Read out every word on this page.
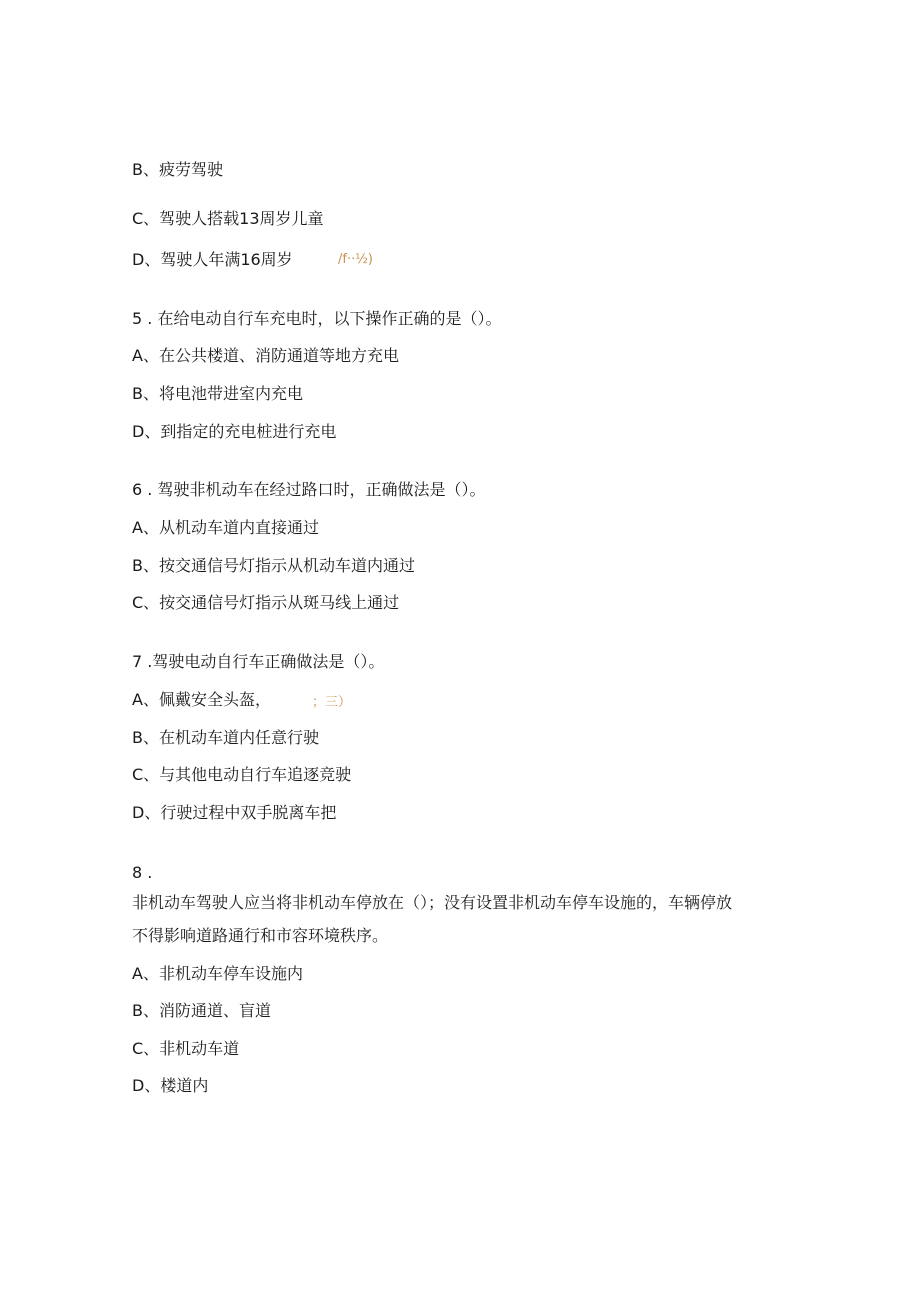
B、疲劳驾驶
C、驾驶人搭载13周岁儿童
D、驾驶人年满16周岁	/f··½)
5 . 在给电动自行车充电时，以下操作正确的是（）。
A、在公共楼道、消防通道等地方充电
B、将电池带进室内充电
D、到指定的充电桩进行充电
6 . 驾驶非机动车在经过路口时，正确做法是（）。
A、从机动车道内直接通过
B、按交通信号灯指示从机动车道内通过
C、按交通信号灯指示从斑马线上通过
7 .驾驶电动自行车正确做法是（）。
A、佩戴安全头盔，	；三）
B、在机动车道内任意行驶
C、与其他电动自行车追逐竞驶
D、行驶过程中双手脱离车把
8 .
非机动车驾驶人应当将非机动车停放在（）；没有设置非机动车停车设施的，车辆停放
不得影响道路通行和市容环境秩序。
A、非机动车停车设施内
B、消防通道、盲道
C、非机动车道
D、楼道内
